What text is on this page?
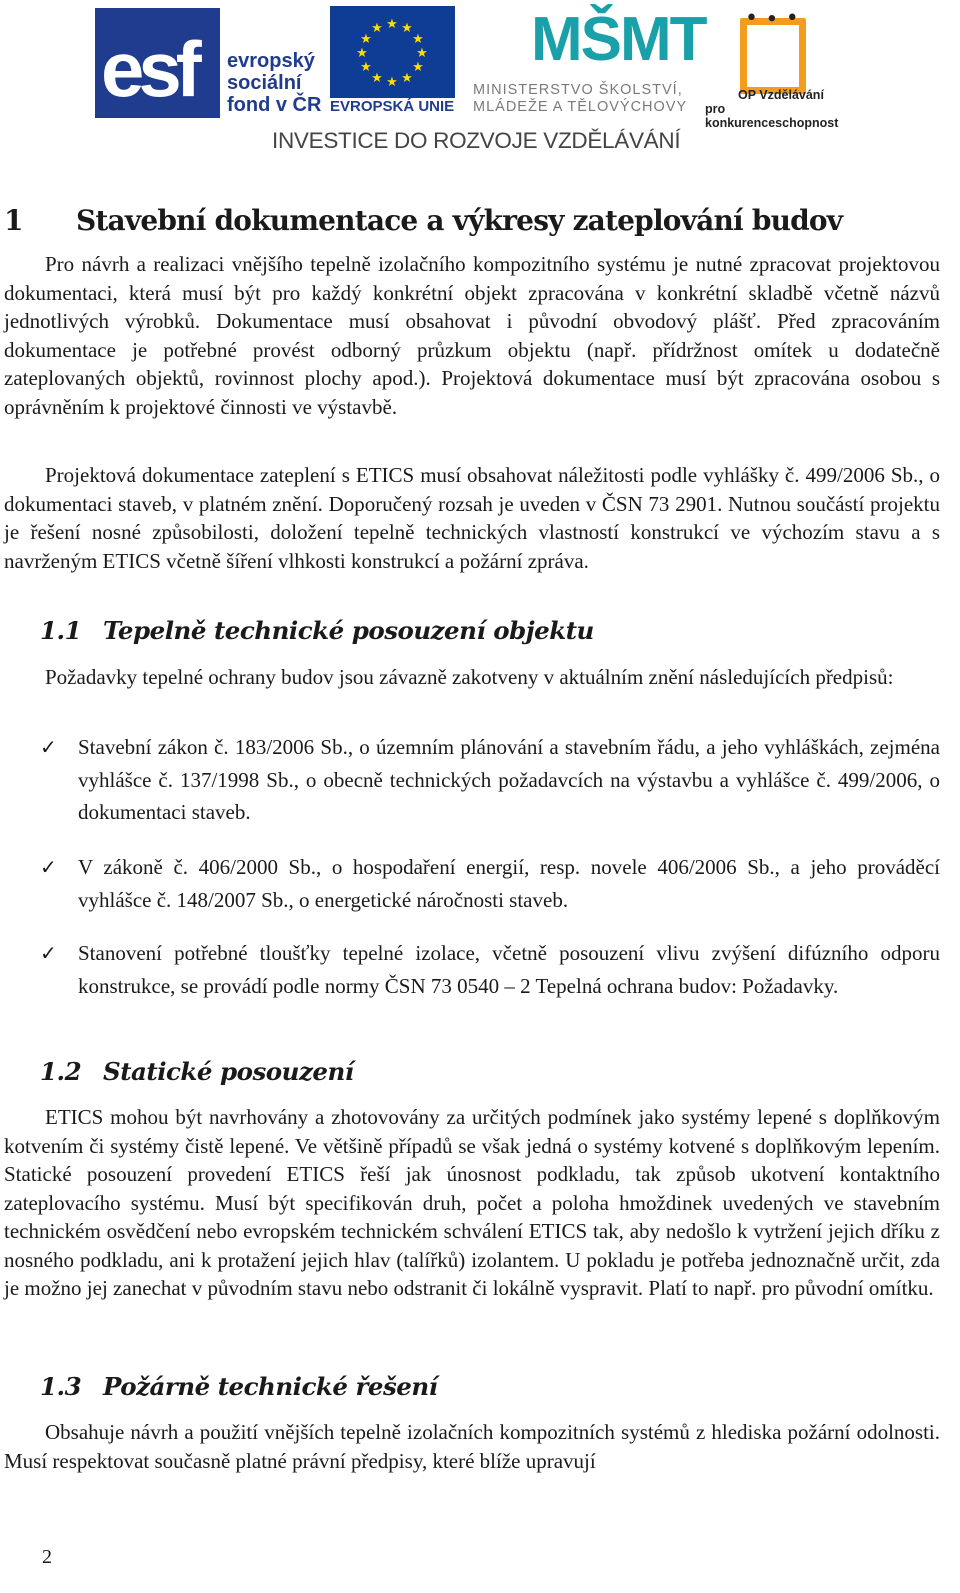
esf evropský
sociální
fond v ČR
★ ★
★
★
★
★
★
★
★
★
★
★
EVROPSKÁ UNIE
MŠMT
MINISTERSTVO ŠKOLSTVÍ,
MLÁDEŽE A TĚLOVÝCHOVY
• ∙ •
OP Vzdělávání
pro konkurenceschopnost
INVESTICE DO ROZVOJE VZDĚLÁVÁNÍ
1 Stavební dokumentace a výkresy zateplování budov
Pro návrh a realizaci vnějšího tepelně izolačního kompozitního systému je nutné zpracovat projektovou dokumentaci, která musí být pro každý konkrétní objekt zpracována v konkrétní skladbě včetně názvů jednotlivých výrobků. Dokumentace musí obsahovat i původní obvodový plášť. Před zpracováním dokumentace je potřebné provést odborný průzkum objektu (např. přídržnost omítek u dodatečně zateplovaných objektů, rovinnost plochy apod.). Projektová dokumentace musí být zpracována osobou s oprávněním k projektové činnosti ve výstavbě.
Projektová dokumentace zateplení s ETICS musí obsahovat náležitosti podle vyhlášky č. 499/2006 Sb., o dokumentaci staveb, v platném znění. Doporučený rozsah je uveden v ČSN 73 2901. Nutnou součástí projektu je řešení nosné způsobilosti, doložení tepelně technických vlastností konstrukcí ve výchozím stavu a s navrženým ETICS včetně šíření vlhkosti konstrukcí a požární zpráva.
1.1 Tepelně technické posouzení objektu
Požadavky tepelné ochrany budov jsou závazně zakotveny v aktuálním znění následujících předpisů:
✓ Stavební zákon č. 183/2006 Sb., o územním plánování a stavebním řádu, a jeho vyhláškách, zejména vyhlášce č. 137/1998 Sb., o obecně technických požadavcích na výstavbu a vyhlášce č. 499/2006, o dokumentaci staveb.
✓ V zákoně č. 406/2000 Sb., o hospodaření energií, resp. novele 406/2006 Sb., a jeho prováděcí vyhlášce č. 148/2007 Sb., o energetické náročnosti staveb.
✓ Stanovení potřebné tloušťky tepelné izolace, včetně posouzení vlivu zvýšení difúzního odporu konstrukce, se provádí podle normy ČSN 73 0540 – 2 Tepelná ochrana budov: Požadavky.
1.2 Statické posouzení
ETICS mohou být navrhovány a zhotovovány za určitých podmínek jako systémy lepené s doplňkovým kotvením či systémy čistě lepené. Ve většině případů se však jedná o systémy kotvené s doplňkovým lepením. Statické posouzení provedení ETICS řeší jak únosnost podkladu, tak způsob ukotvení kontaktního zateplovacího systému. Musí být specifikován druh, počet a poloha hmoždinek uvedených ve stavebním technickém osvědčení nebo evropském technickém schválení ETICS tak, aby nedošlo k vytržení jejich dříku z nosného podkladu, ani k protažení jejich hlav (talířků) izolantem. U pokladu je potřeba jednoznačně určit, zda je možno jej zanechat v původním stavu nebo odstranit či lokálně vyspravit. Platí to např. pro původní omítku.
1.3 Požárně technické řešení
Obsahuje návrh a použití vnějších tepelně izolačních kompozitních systémů z hlediska požární odolnosti. Musí respektovat současně platné právní předpisy, které blíže upravují
2
